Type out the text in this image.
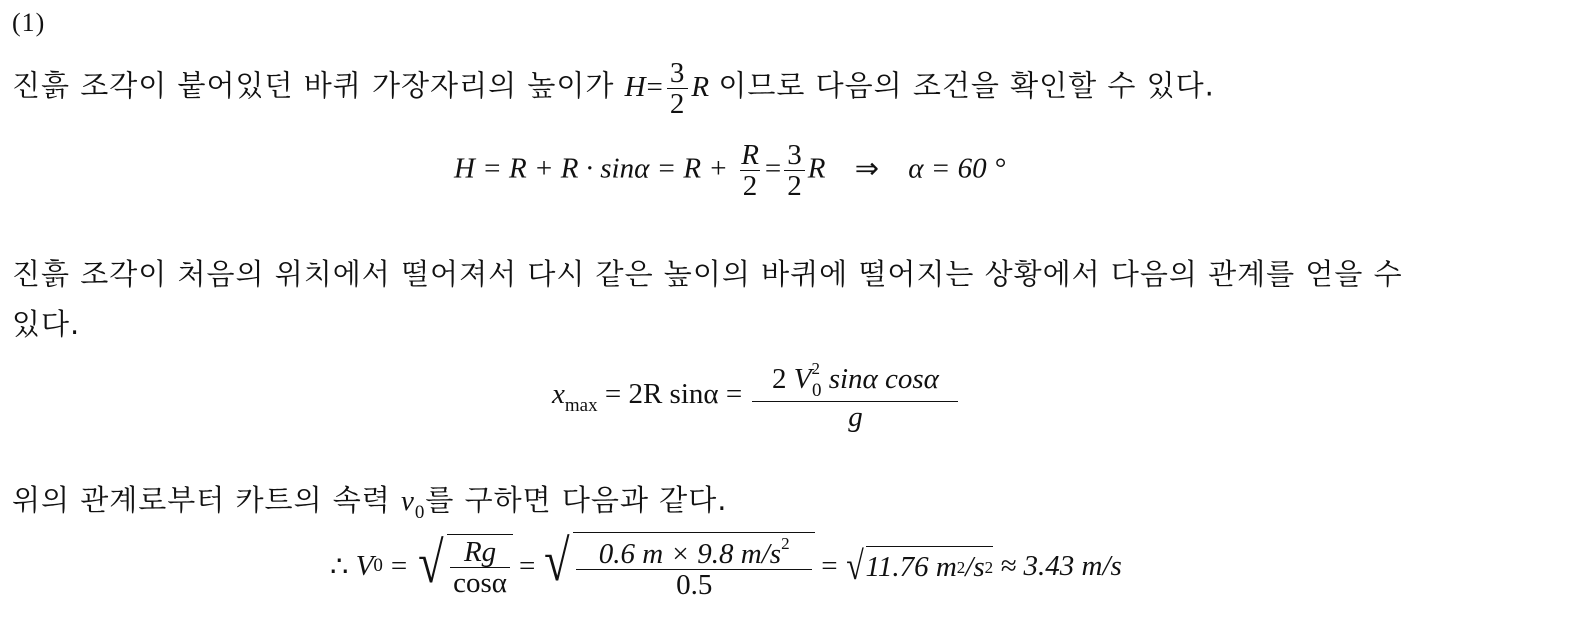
(1)
진흙 조각이 붙어있던 바퀴 가장자리의 높이가 $H= \frac{3}{2}$ R 이므로 다음의 조건을 확인할 수 있다.
$H = R + R \cdot \sin\alpha = R + \frac{R}{2} = \frac{3}{2}$ R ⇒ α = 60 °
진흙 조각이 처음의 위치에서 떨어져서 다시 같은 높이의 바퀴에 떨어지는 상황에서 다음의 관계를 얻을 수
있다.
$x_{max} = 2R$ $\sin\alpha = \frac{2 V^2_0 \sin\alpha \cos\alpha}{g}$
위의 관계로부터 카트의 속력 $v_0$를 구하면 다음과 같다.
∴
V 0 = √ $\frac{Rg}{\cos\alpha}$ = √ $\frac{0.6 m \times 9.8 m/s^2}{0.5}$ = √ 11.76 m 2 /s 2
≈ 3.43 m/s
